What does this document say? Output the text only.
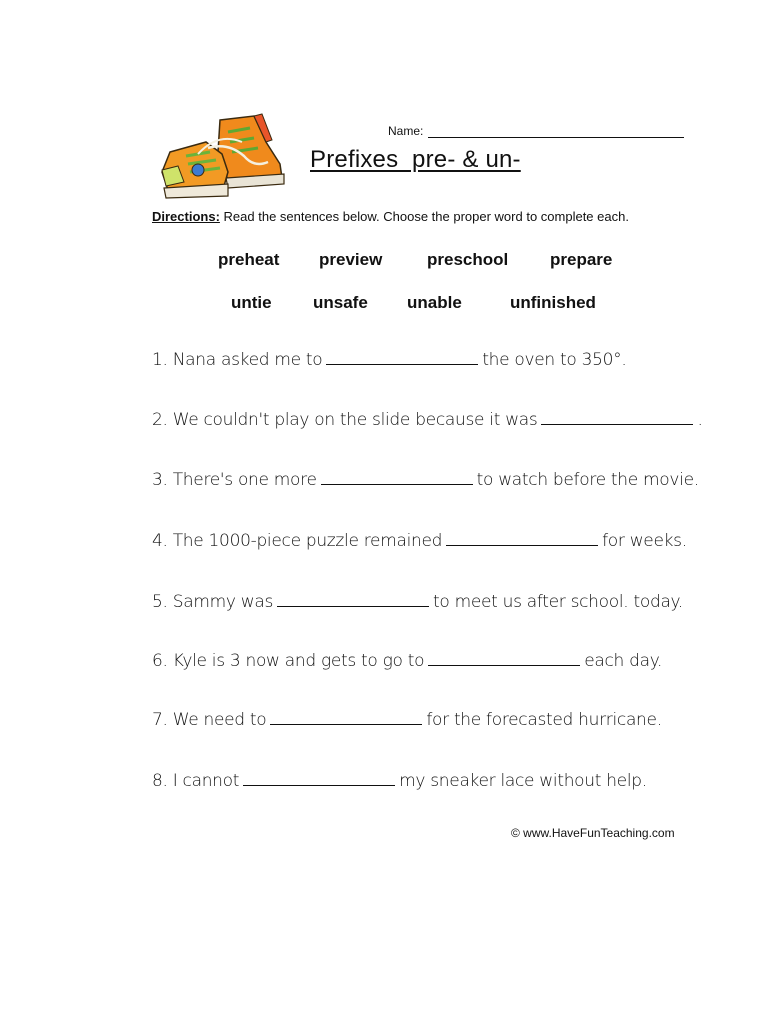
Name:
Prefixes  pre- & un-
Directions: Read the sentences below. Choose the proper word to complete each.
preheat preview	preschool prepare
untie unsafe unable	unfinished
1. Nana asked me to	the oven to 350°.
2. We couldn't play on the slide because it was	.
3. There's one more	to watch before the movie.
4. The 1000-piece puzzle remained	for weeks.
5. Sammy was	to meet us after school. today.
6. Kyle is 3 now and gets to go to	each day.
7. We need to	for the forecasted hurricane.
8. I cannot	my sneaker lace without help.
© www.HaveFunTeaching.com
